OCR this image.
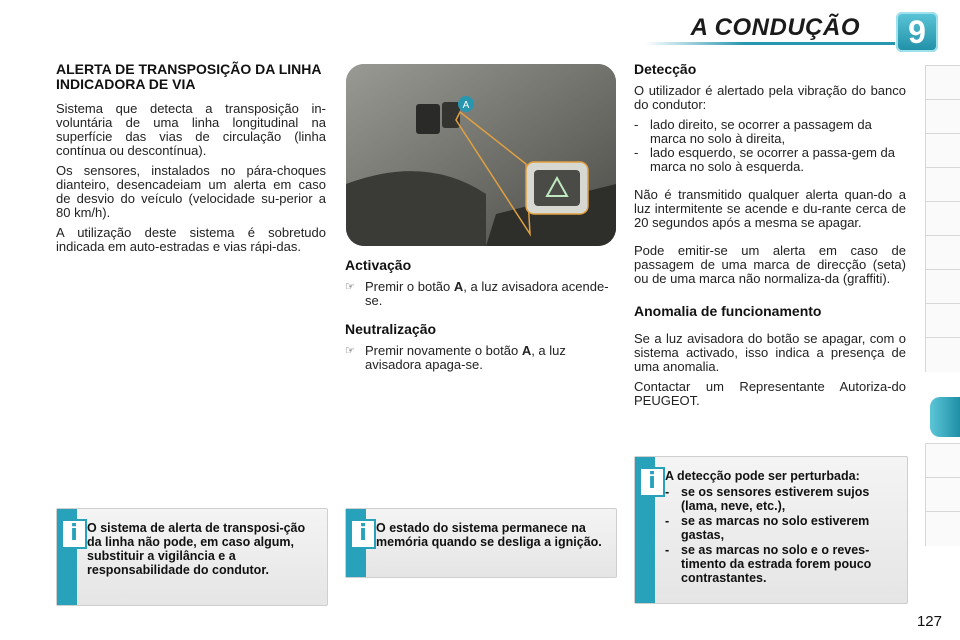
A CONDUÇÃO	9
ALERTA DE TRANSPOSIÇÃO DA LINHA INDICADORA DE VIA

Sistema que detecta a transposição in-voluntária de uma linha longitudinal na superfície das vias de circulação (linha contínua ou descontínua).

Os sensores, instalados no pára-choques dianteiro, desencadeiam um alerta em caso de desvio do veículo (velocidade su-perior a 80 km/h).

A utilização deste sistema é sobretudo indicada em auto-estradas e vias rápi-das.

A
Activação
☞ Premir o botão A, a luz avisadora acende-se.
Neutralização
☞ Premir novamente o botão A, a luz avisadora apaga-se.
Detecção

O utilizador é alertado pela vibração do banco do condutor:

- lado direito, se ocorrer a passagem da marca no solo à direita,
- lado esquerdo, se ocorrer a passa-gem da marca no solo à esquerda.

Não é transmitido qualquer alerta quan-do a luz intermitente se acende e du-rante cerca de 20 segundos após a mesma se apagar.

Pode emitir-se um alerta em caso de passagem de uma marca de direcção (seta) ou de uma marca não normaliza-da (graffiti).

Anomalia de funcionamento

Se a luz avisadora do botão se apagar, com o sistema activado, isso indica a presença de uma anomalia.

Contactar um Representante Autoriza-do PEUGEOT.

i O sistema de alerta de transposi-ção da linha não pode, em caso algum, substituir a vigilância e a responsabilidade do condutor.
i O estado do sistema permanece na memória quando se desliga a ignição.
i A detecção pode ser perturbada:
- se os sensores estiverem sujos (lama, neve, etc.),
- se as marcas no solo estiverem gastas,
- se as marcas no solo e o reves-timento da estrada forem pouco contrastantes.
127
